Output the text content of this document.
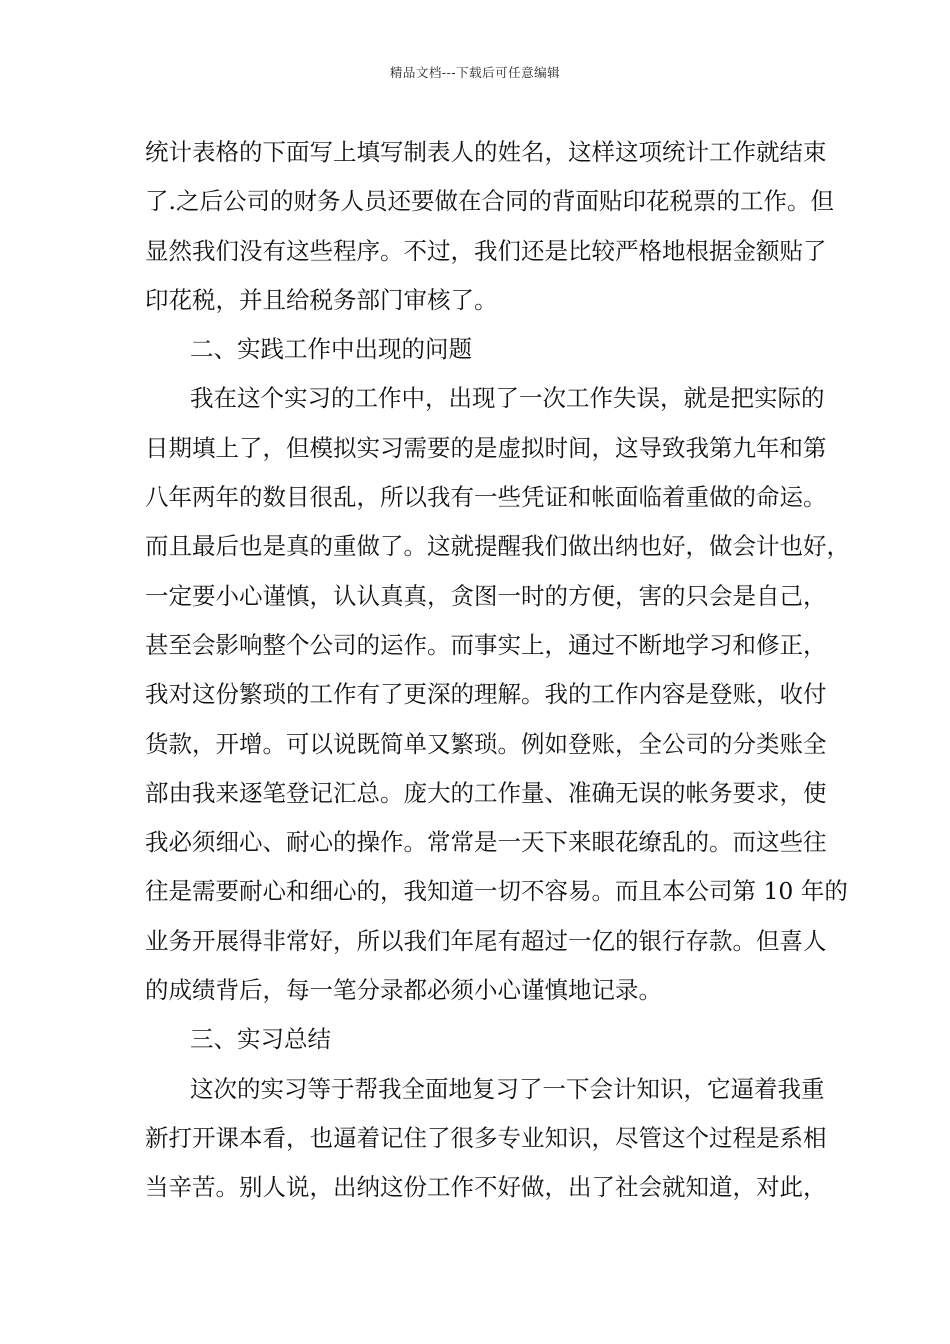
精品文档---下载后可任意编辑
统计表格的下面写上填写制表人的姓名，这样这项统计工作就结束
了.之后公司的财务人员还要做在合同的背面贴印花税票的工作。但
显然我们没有这些程序。不过，我们还是比较严格地根据金额贴了
印花税，并且给税务部门审核了。
二、实践工作中出现的问题
我在这个实习的工作中，出现了一次工作失误，就是把实际的
日期填上了，但模拟实习需要的是虚拟时间，这导致我第九年和第
八年两年的数目很乱，所以我有一些凭证和帐面临着重做的命运。
而且最后也是真的重做了。这就提醒我们做出纳也好，做会计也好，
一定要小心谨慎，认认真真，贪图一时的方便，害的只会是自己，
甚至会影响整个公司的运作。而事实上，通过不断地学习和修正，
我对这份繁琐的工作有了更深的理解。我的工作内容是登账，收付
货款，开增。可以说既简单又繁琐。例如登账，全公司的分类账全
部由我来逐笔登记汇总。庞大的工作量、准确无误的帐务要求，使
我必须细心、耐心的操作。常常是一天下来眼花缭乱的。而这些往
往是需要耐心和细心的，我知道一切不容易。而且本公司第 10 年的
业务开展得非常好，所以我们年尾有超过一亿的银行存款。但喜人
的成绩背后，每一笔分录都必须小心谨慎地记录。
三、实习总结
这次的实习等于帮我全面地复习了一下会计知识，它逼着我重
新打开课本看，也逼着记住了很多专业知识，尽管这个过程是系相
当辛苦。别人说，出纳这份工作不好做，出了社会就知道，对此，
